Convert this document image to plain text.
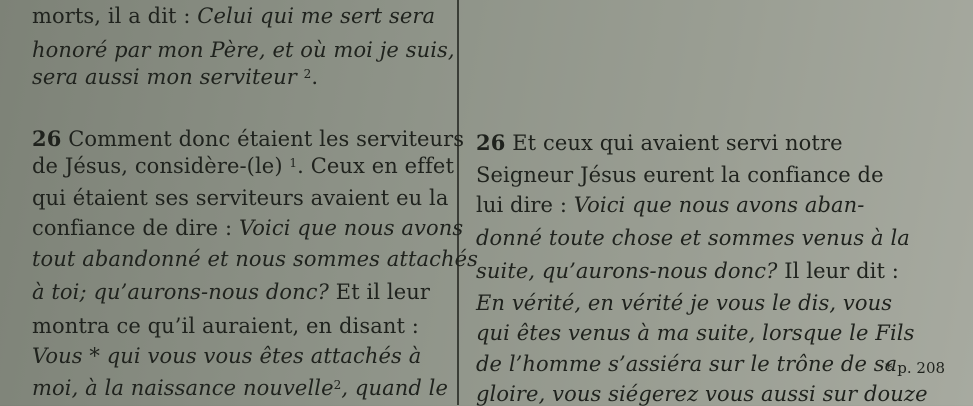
morts, il a dit : Celui qui me sert sera
honoré par mon Père, et où moi je suis,
sera aussi mon serviteur $^2$.
26 Comment donc étaient les serviteurs
de Jésus, considère-(le) $^1$. Ceux en effet
qui étaient ses serviteurs avaient eu la
confiance de dire : Voici que nous avons
tout abandonné et nous sommes attachés
à toi; qu’aurons-nous donc? Et il leur
montra ce qu’il auraient, en disant :
Vous * qui vous vous êtes attachés à
moi, à la naissance nouvelle$^2$, quand le
26 Et ceux qui avaient servi notre
Seigneur Jésus eurent la confiance de
lui dire : Voici que nous avons aban-
donné toute chose et sommes venus à la
suite, qu’aurons-nous donc? Il leur dit :
En vérité, en vérité je vous le dis, vous
qui êtes venus à ma suite, lorsque le Fils
de l’homme s’assiéra sur le trône de sa
gloire, vous siégerez vous aussi sur douze
* p. 208
